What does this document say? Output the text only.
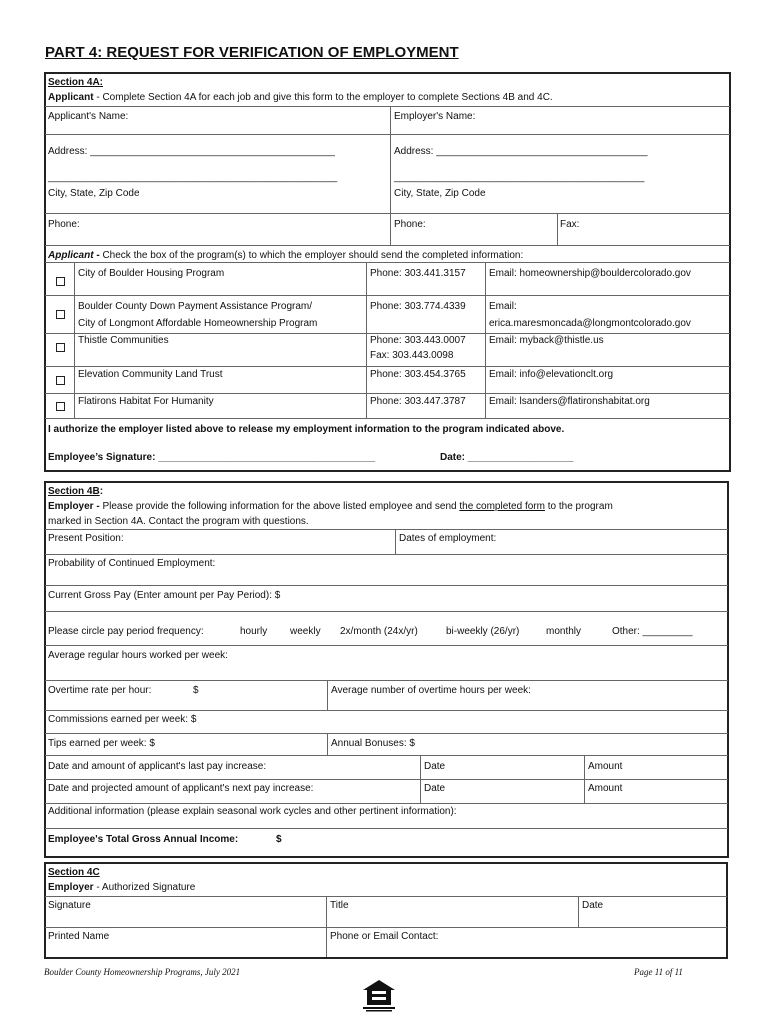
PART 4: REQUEST FOR VERIFICATION OF EMPLOYMENT
Section 4A:
Applicant - Complete Section 4A for each job and give this form to the employer to complete Sections 4B and 4C.
Applicant's Name:	Employer's Name:
Address: ____________________________________________	Address: ______________________________________
____________________________________________________	_____________________________________________
City, State, Zip Code	City, State, Zip Code
Phone:	Phone:	Fax:
Applicant - Check the box of the program(s) to which the employer should send the completed information:
City of Boulder Housing Program	Phone: 303.441.3157 Email: homeownership@bouldercolorado.gov
Boulder County Down Payment Assistance Program/
City of Longmont Affordable Homeownership Program
Phone: 303.774.4339 Email:
erica.maresmoncada@longmontcolorado.gov
Thistle Communities	Phone: 303.443.0007
Fax: 303.443.0098
Email: myback@thistle.us
Elevation Community Land Trust	Phone: 303.454.3765 Email: info@elevationclt.org
Flatirons Habitat For Humanity	Phone: 303.447.3787 Email: lsanders@flatironshabitat.org
I authorize the employer listed above to release my employment information to the program indicated above.
Employee’s Signature: _______________________________________	Date: ___________________
Section 4B:
Employer - Please provide the following information for the above listed employee and send the completed form to the program
marked in Section 4A. Contact the program with questions.
Present Position:	Dates of employment:
Probability of Continued Employment:
Current Gross Pay (Enter amount per Pay Period): $
Please circle pay period frequency:	hourly weekly 2x/month (24x/yr)	bi-weekly (26/yr)	monthly	Other: _________
Average regular hours worked per week:
Overtime rate per hour:	$	Average number of overtime hours per week:
Commissions earned per week: $
Tips earned per week: $	Annual Bonuses: $
Date and amount of applicant's last pay increase:	Date	Amount
Date and projected amount of applicant's next pay increase:	Date	Amount
Additional information (please explain seasonal work cycles and other pertinent information):
Employee's Total Gross Annual Income:	$
Section 4C
Employer - Authorized Signature
Signature	Title	Date
Printed Name	Phone or Email Contact:
Boulder County Homeownership Programs, July 2021	Page 11 of 11
